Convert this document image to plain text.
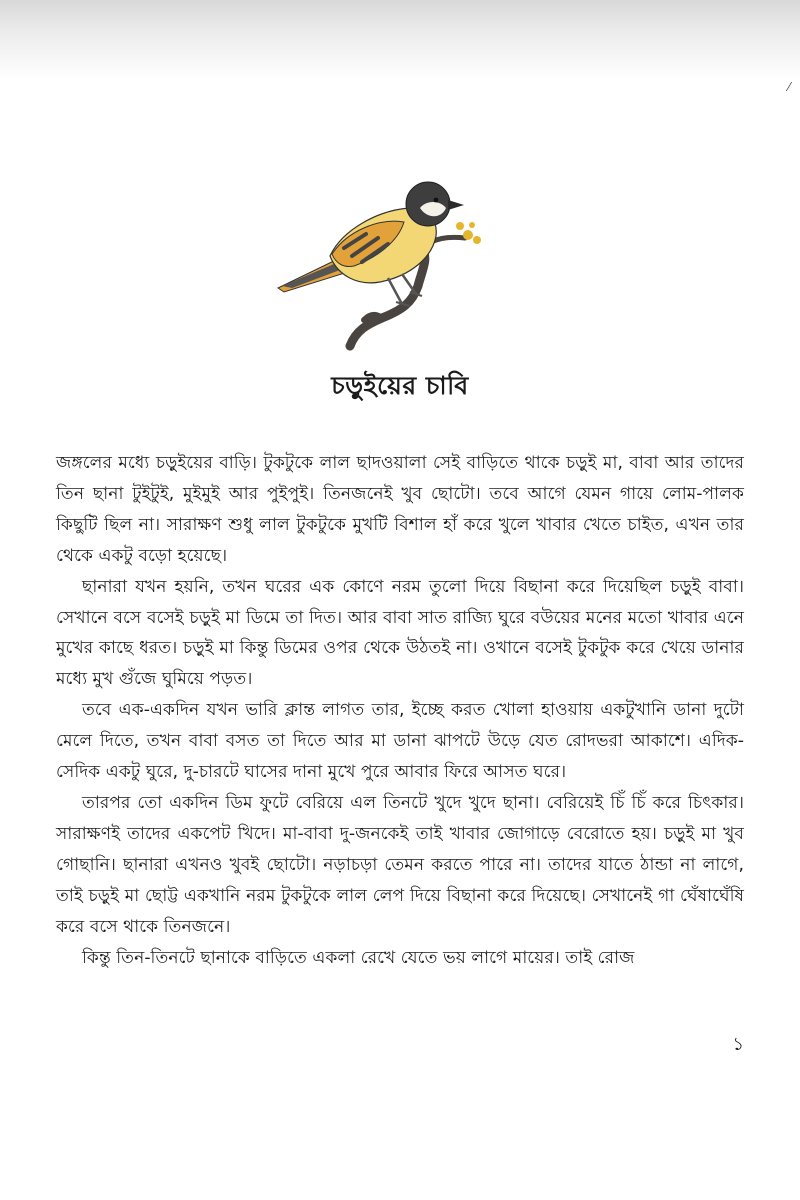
⁄
চড়ুইয়ের চাবি

জঙ্গলের মধ্যে চড়ুইয়ের বাড়ি। টুকটুকে লাল ছাদওয়ালা সেই বাড়িতে থাকে চড়ুই মা, বাবা আর তাদের তিন ছানা টুইটুই, মুইমুই আর পুইপুই। তিনজনেই খুব ছোটো। তবে আগে যেমন গায়ে লোম-পালক কিছুটি ছিল না। সারাক্ষণ শুধু লাল টুকটুকে মুখটি বিশাল হাঁ করে খুলে খাবার খেতে চাইত, এখন তার থেকে একটু বড়ো হয়েছে।

ছানারা যখন হয়নি, তখন ঘরের এক কোণে নরম তুলো দিয়ে বিছানা করে দিয়েছিল চড়ুই বাবা। সেখানে বসে বসেই চড়ুই মা ডিমে তা দিত। আর বাবা সাত রাজ্যি ঘুরে বউয়ের মনের মতো খাবার এনে মুখের কাছে ধরত। চড়ুই মা কিন্তু ডিমের ওপর থেকে উঠতই না। ওখানে বসেই টুকটুক করে খেয়ে ডানার মধ্যে মুখ গুঁজে ঘুমিয়ে পড়ত।

তবে এক-একদিন যখন ভারি ক্লান্ত লাগত তার, ইচ্ছে করত খোলা হাওয়ায় একটুখানি ডানা দুটো মেলে দিতে, তখন বাবা বসত তা দিতে আর মা ডানা ঝাপটে উড়ে যেত রোদভরা আকাশে। এদিক-সেদিক একটু ঘুরে, দু-চারটে ঘাসের দানা মুখে পুরে আবার ফিরে আসত ঘরে।

তারপর তো একদিন ডিম ফুটে বেরিয়ে এল তিনটে খুদে খুদে ছানা। বেরিয়েই চিঁ চিঁ করে চিৎকার। সারাক্ষণই তাদের একপেট খিদে। মা-বাবা দু-জনকেই তাই খাবার জোগাড়ে বেরোতে হয়। চড়ুই মা খুব গোছানি। ছানারা এখনও খুবই ছোটো। নড়াচড়া তেমন করতে পারে না। তাদের যাতে ঠান্ডা না লাগে, তাই চড়ুই মা ছোট্ট একখানি নরম টুকটুকে লাল লেপ দিয়ে বিছানা করে দিয়েছে। সেখানেই গা ঘেঁষাঘেঁষি করে বসে থাকে তিনজনে।

কিন্তু তিন-তিনটে ছানাকে বাড়িতে একলা রেখে যেতে ভয় লাগে মায়ের। তাই রোজ

১
